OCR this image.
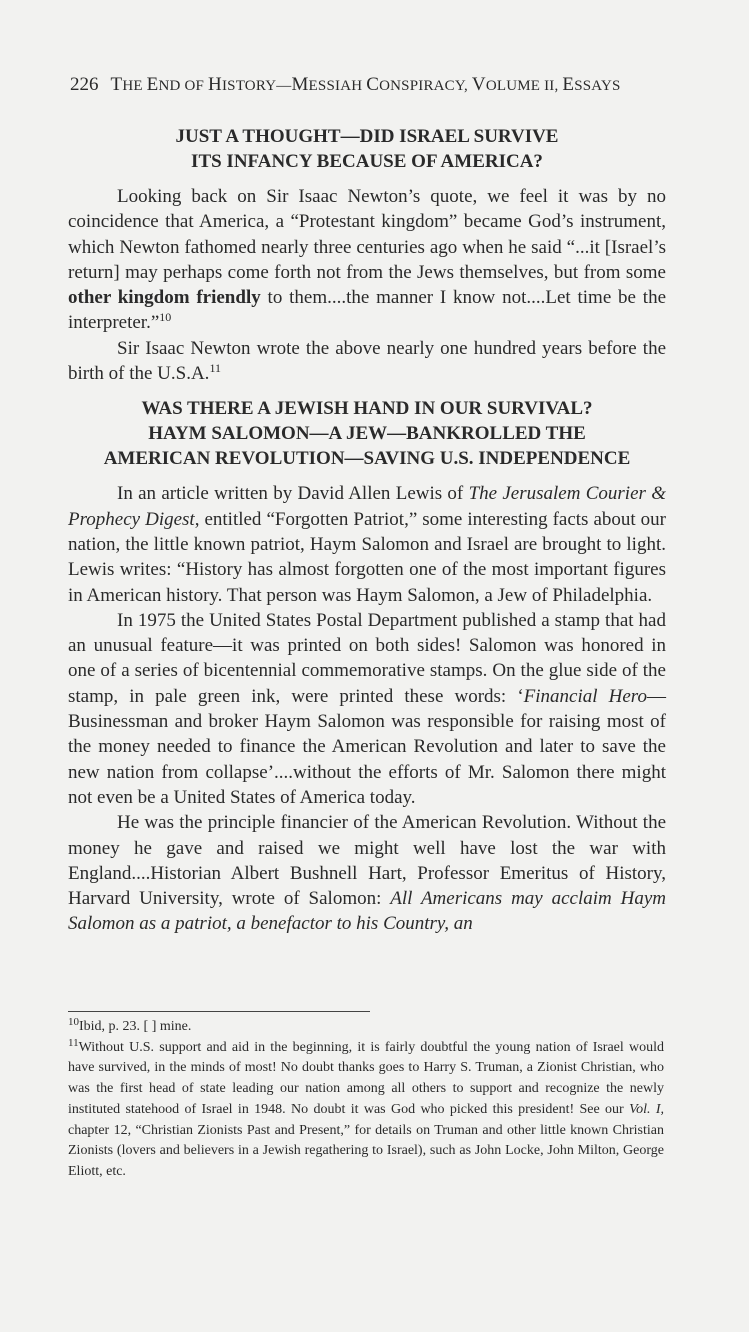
226 THE END OF HISTORY—MESSIAH CONSPIRACY, VOLUME II, ESSAYS
JUST A THOUGHT—DID ISRAEL SURVIVE
ITS INFANCY BECAUSE OF AMERICA?

Looking back on Sir Isaac Newton’s quote, we feel it was by no coincidence that America, a “Protestant kingdom” became God’s instrument, which Newton fathomed nearly three centuries ago when he said “...it [Israel’s return] may perhaps come forth not from the Jews themselves, but from some other kingdom friendly to them....the manner I know not....Let time be the interpreter.”$^{10}$

Sir Isaac Newton wrote the above nearly one hundred years before the birth of the U.S.A.$^{11}$

WAS THERE A JEWISH HAND IN OUR SURVIVAL?
HAYM SALOMON—A JEW—BANKROLLED THE
AMERICAN REVOLUTION—SAVING U.S. INDEPENDENCE

In an article written by David Allen Lewis of The Jerusalem Courier & Prophecy Digest, entitled “Forgotten Patriot,” some interesting facts about our nation, the little known patriot, Haym Salomon and Israel are brought to light. Lewis writes: “History has almost forgotten one of the most important figures in American history. That person was Haym Salomon, a Jew of Philadelphia.

In 1975 the United States Postal Department published a stamp that had an unusual feature—it was printed on both sides! Salomon was honored in one of a series of bicentennial commemorative stamps. On the glue side of the stamp, in pale green ink, were printed these words: ‘Financial Hero—Businessman and broker Haym Salomon was responsible for raising most of the money needed to finance the American Revolution and later to save the new nation from collapse’....without the efforts of Mr. Salomon there might not even be a United States of America today.

He was the principle financier of the American Revolution. Without the money he gave and raised we might well have lost the war with England....Historian Albert Bushnell Hart, Professor Emeritus of History, Harvard University, wrote of Salomon: All Americans may acclaim Haym Salomon as a patriot, a benefactor to his Country, an

$^{10}$Ibid, p. 23. [ ] mine.

$^{11}$Without U.S. support and aid in the beginning, it is fairly doubtful the young nation of Israel would have survived, in the minds of most! No doubt thanks goes to Harry S. Truman, a Zionist Christian, who was the first head of state leading our nation among all others to support and recognize the newly instituted statehood of Israel in 1948. No doubt it was God who picked this president! See our Vol. I, chapter 12, “Christian Zionists Past and Present,” for details on Truman and other little known Christian Zionists (lovers and believers in a Jewish regathering to Israel), such as John Locke, John Milton, George Eliott, etc.
